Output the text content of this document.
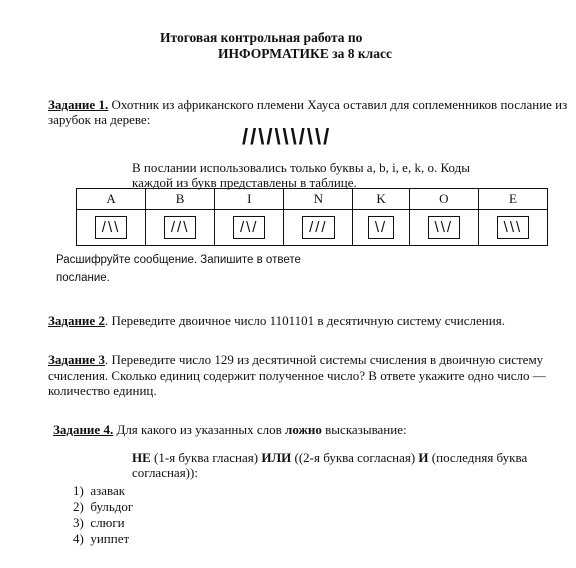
Итоговая контрольная работа по
ИНФОРМАТИКЕ за 8 класс
Задание 1. Охотник из африканского племени Хауса оставил для соплеменников послание из
зарубок на дереве:
//\/\\\/\\/
В послании использовались только буквы a, b, i, e, k, o. Коды
каждой из букв представлены в таблице.
A	B	I	N	K	O	E
/\\	//\	/\/	///	\/	\\/	\\\
Расшифруйте сообщение. Запишите в ответе
послание.
Задание 2. Переведите двоичное число 1101101 в десятичную систему счисления.
Задание 3. Переведите число 129 из десятичной системы счисления в двоичную систему
счисления. Сколько единиц содержит полученное число? В ответе укажите одно число —
количество единиц.
Задание 4. Для какого из указанных слов ложно высказывание:
НЕ (1-я буква гласная) ИЛИ ((2-я буква согласная) И (последняя буква
согласная)):
1) азавак
2) бульдог
3) слюги
4) уиппет
